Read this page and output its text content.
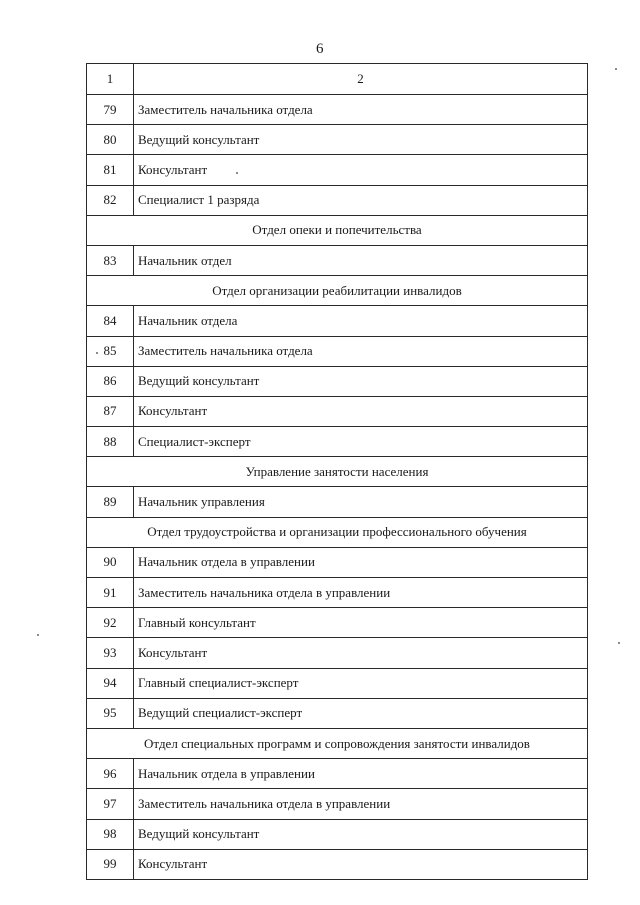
6
1	2
79	Заместитель начальника отдела
80	Ведущий консультант
81	Консультант
82	Специалист 1 разряда
Отдел опеки и попечительства	
83	Начальник отдел
Отдел организации реабилитации инвалидов	
84	Начальник отдела
85	Заместитель начальника отдела
86	Ведущий консультант
87	Консультант
88	Специалист-эксперт
Управление занятости населения	
89	Начальник управления
Отдел трудоустройства и организации профессионального обучения	
90	Начальник отдела в управлении
91	Заместитель начальника отдела в управлении
92	Главный консультант
93	Консультант
94	Главный специалист-эксперт
95	Ведущий специалист-эксперт
Отдел специальных программ и сопровождения занятости инвалидов	
96	Начальник отдела в управлении
97	Заместитель начальника отдела в управлении
98	Ведущий консультант
99	Консультант
